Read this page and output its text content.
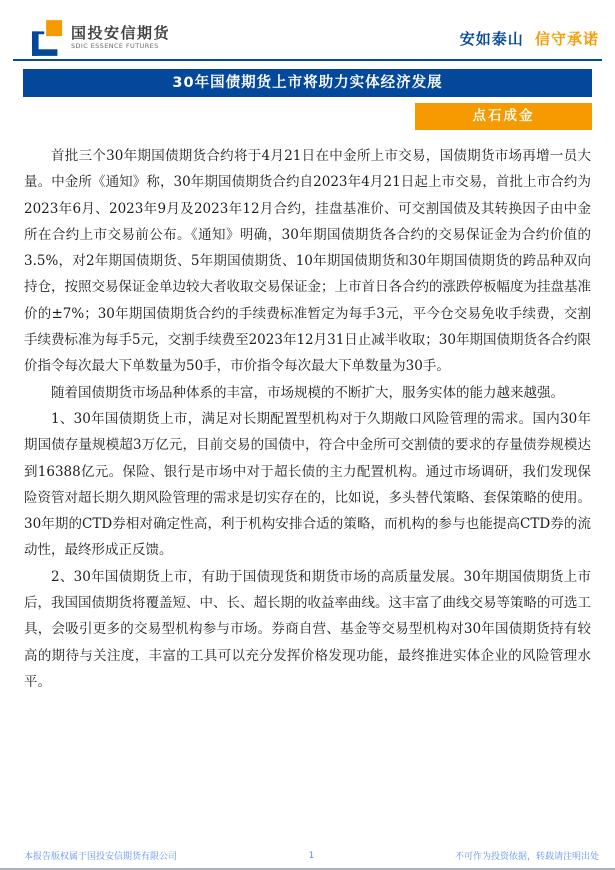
国投安信期货
SDIC ESSENCE FUTURES	安如泰山 信守承诺
30年国债期货上市将助力实体经济发展
点石成金

首批三个30年期国债期货合约将于4月21日在中金所上市交易，国债期货市场再增一员大量。中金所《通知》称，30年期国债期货合约自2023年4月21日起上市交易，首批上市合约为2023年6月、2023年9月及2023年12月合约，挂盘基准价、可交割国债及其转换因子由中金所在合约上市交易前公布。《通知》明确，30年期国债期货各合约的交易保证金为合约价值的3.5%，对2年期国债期货、5年期国债期货、10年期国债期货和30年期国债期货的跨品种双向持仓，按照交易保证金单边较大者收取交易保证金；上市首日各合约的涨跌停板幅度为挂盘基准价的±7%；30年期国债期货合约的手续费标准暂定为每手3元，平今仓交易免收手续费，交割手续费标准为每手5元，交割手续费至2023年12月31日止减半收取；30年期国债期货各合约限价指令每次最大下单数量为50手，市价指令每次最大下单数量为30手。

随着国债期货市场品种体系的丰富，市场规模的不断扩大，服务实体的能力越来越强。

1、30年国债期货上市，满足对长期配置型机构对于久期敞口风险管理的需求。国内30年期国债存量规模超3万亿元，目前交易的国债中，符合中金所可交割债的要求的存量债券规模达到16388亿元。保险、银行是市场中对于超长债的主力配置机构。通过市场调研，我们发现保险资管对超长期久期风险管理的需求是切实存在的，比如说，多头替代策略、套保策略的使用。30年期的CTD券相对确定性高，利于机构安排合适的策略，而机构的参与也能提高CTD券的流动性，最终形成正反馈。

2、30年国债期货上市，有助于国债现货和期货市场的高质量发展。30年期国债期货上市后，我国国债期货将覆盖短、中、长、超长期的收益率曲线。这丰富了曲线交易等策略的可选工具，会吸引更多的交易型机构参与市场。券商自营、基金等交易型机构对30年国债期货持有较高的期待与关注度，丰富的工具可以充分发挥价格发现功能，最终推进实体企业的风险管理水平。

本报告版权属于国投安信期货有限公司	1	不可作为投资依据，转载请注明出处
